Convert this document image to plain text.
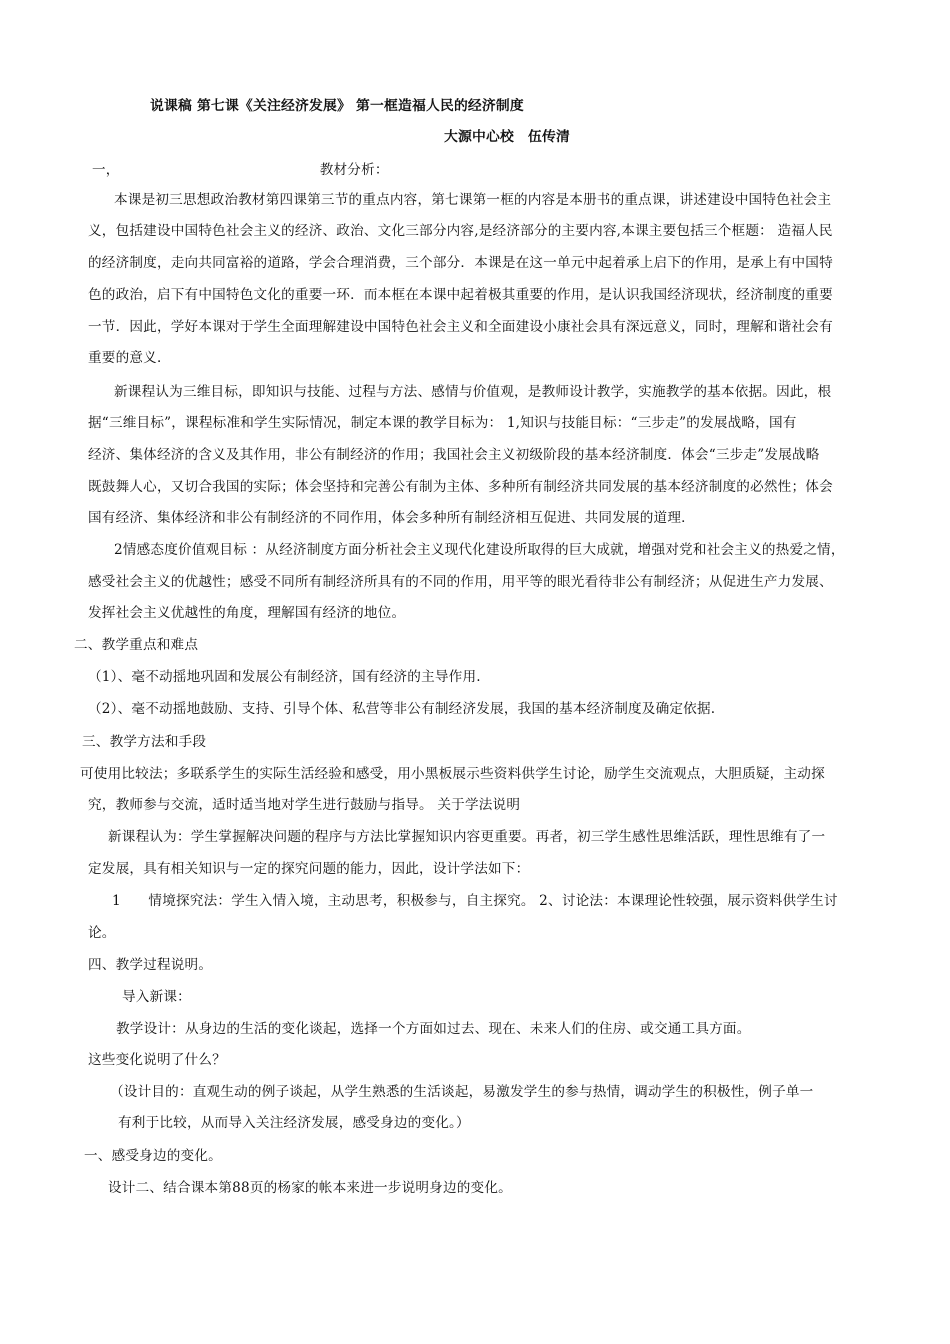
说课稿 第七课《关注经济发展》 第一框造福人民的经济制度
大源中心校　伍传清
一，　　　　　　　　　　　　　　　教材分析：
本课是初三思想政治教材第四课第三节的重点内容，第七课第一框的内容是本册书的重点课，讲述建设中国特色社会主
义，包括建设中国特色社会主义的经济、政治、文化三部分内容,是经济部分的主要内容,本课主要包括三个框题： 造福人民
的经济制度，走向共同富裕的道路，学会合理消费，三个部分．本课是在这一单元中起着承上启下的作用，是承上有中国特
色的政治，启下有中国特色文化的重要一环．而本框在本课中起着极其重要的作用，是认识我国经济现状，经济制度的重要
一节．因此，学好本课对于学生全面理解建设中国特色社会主义和全面建设小康社会具有深远意义，同时，理解和谐社会有
重要的意义．
新课程认为三维目标，即知识与技能、过程与方法、感情与价值观，是教师设计教学，实施教学的基本依据。因此，根
据“三维目标”，课程标准和学生实际情况，制定本课的教学目标为： 1,知识与技能目标：“三步走”的发展战略，国有
经济、集体经济的含义及其作用，非公有制经济的作用；我国社会主义初级阶段的基本经济制度．体会“三步走”发展战略
既鼓舞人心，又切合我国的实际；体会坚持和完善公有制为主体、多种所有制经济共同发展的基本经济制度的必然性；体会
国有经济、集体经济和非公有制经济的不同作用，体会多种所有制经济相互促进、共同发展的道理．
2情感态度价值观目标 ：从经济制度方面分析社会主义现代化建设所取得的巨大成就，增强对党和社会主义的热爱之情，
感受社会主义的优越性；感受不同所有制经济所具有的不同的作用，用平等的眼光看待非公有制经济；从促进生产力发展、
发挥社会主义优越性的角度，理解国有经济的地位。
二、教学重点和难点
（1）、毫不动摇地巩固和发展公有制经济，国有经济的主导作用.
（2）、毫不动摇地鼓励、支持、引导个体、私营等非公有制经济发展，我国的基本经济制度及确定依据.
三、教学方法和手段
可使用比较法；多联系学生的实际生活经验和感受，用小黑板展示些资料供学生讨论，励学生交流观点，大胆质疑，主动探
究，教师参与交流，适时适当地对学生进行鼓励与指导。 关于学法说明
新课程认为：学生掌握解决问题的程序与方法比掌握知识内容更重要。再者，初三学生感性思维活跃，理性思维有了一
定发展，具有相关知识与一定的探究问题的能力，因此，设计学法如下：
1　　情境探究法：学生入情入境，主动思考，积极参与，自主探究。 2、讨论法：本课理论性较强，展示资料供学生讨
论。
四、教学过程说明。
导入新课：
教学设计：从身边的生活的变化谈起，选择一个方面如过去、现在、未来人们的住房、或交通工具方面。
这些变化说明了什么？
（设计目的：直观生动的例子谈起，从学生熟悉的生活谈起，易激发学生的参与热情，调动学生的积极性，例子单一
有利于比较，从而导入关注经济发展，感受身边的变化。）
一、感受身边的变化。
设计二、结合课本第88页的杨家的帐本来进一步说明身边的变化。
